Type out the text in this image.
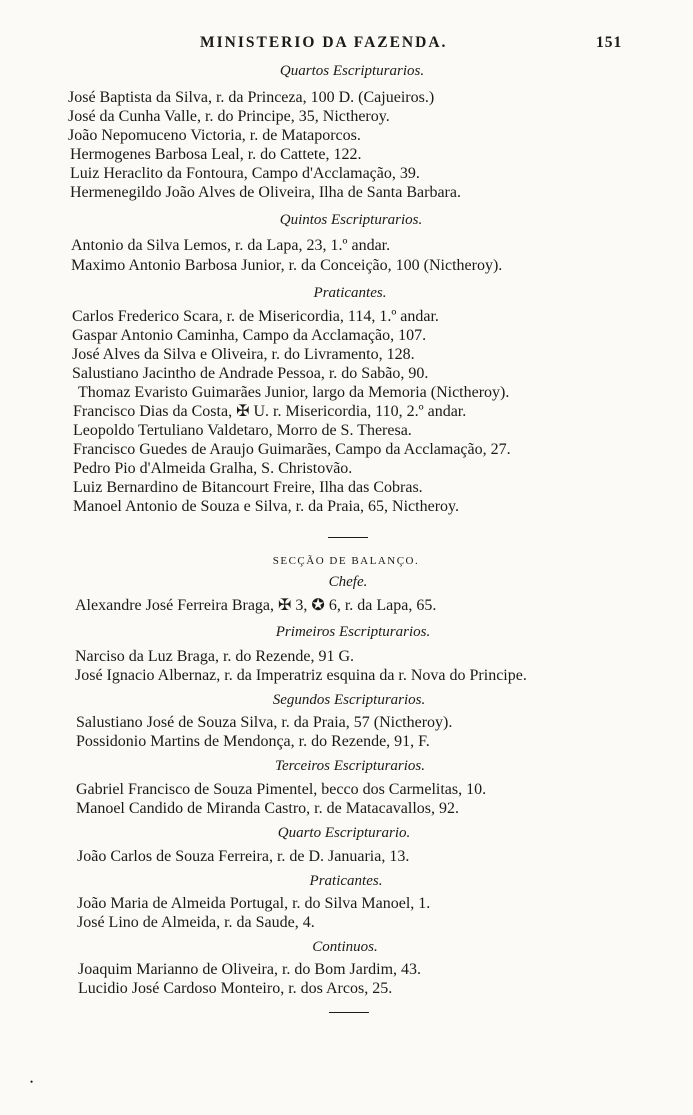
MINISTERIO DA FAZENDA.	151
Quartos Escripturarios.
José Baptista da Silva, r. da Princeza, 100 D. (Cajueiros.)
José da Cunha Valle, r. do Principe, 35, Nictheroy.
João Nepomuceno Victoria, r. de Mataporcos.
Hermogenes Barbosa Leal, r. do Cattete, 122.
Luiz Heraclito da Fontoura, Campo d'Acclamação, 39.
Hermenegildo João Alves de Oliveira, Ilha de Santa Barbara.
Quintos Escripturarios.
Antonio da Silva Lemos, r. da Lapa, 23, 1.º andar.
Maximo Antonio Barbosa Junior, r. da Conceição, 100 (Nictheroy).
Praticantes.
Carlos Frederico Scara, r. de Misericordia, 114, 1.º andar.
Gaspar Antonio Caminha, Campo da Acclamação, 107.
José Alves da Silva e Oliveira, r. do Livramento, 128.
Salustiano Jacintho de Andrade Pessoa, r. do Sabão, 90.
Thomaz Evaristo Guimarães Junior, largo da Memoria (Nictheroy).
Francisco Dias da Costa, ✠ U. r. Misericordia, 110, 2.º andar.
Leopoldo Tertuliano Valdetaro, Morro de S. Theresa.
Francisco Guedes de Araujo Guimarães, Campo da Acclamação, 27.
Pedro Pio d'Almeida Gralha, S. Christovão.
Luiz Bernardino de Bitancourt Freire, Ilha das Cobras.
Manoel Antonio de Souza e Silva, r. da Praia, 65, Nictheroy.
SECÇÃO DE BALANÇO.
Chefe.
Alexandre José Ferreira Braga, ✠ 3, ✪ 6, r. da Lapa, 65.
Primeiros Escripturarios.
Narciso da Luz Braga, r. do Rezende, 91 G.
José Ignacio Albernaz, r. da Imperatriz esquina da r. Nova do Principe.
Segundos Escripturarios.
Salustiano José de Souza Silva, r. da Praia, 57 (Nictheroy).
Possidonio Martins de Mendonça, r. do Rezende, 91, F.
Terceiros Escripturarios.
Gabriel Francisco de Souza Pimentel, becco dos Carmelitas, 10.
Manoel Candido de Miranda Castro, r. de Matacavallos, 92.
Quarto Escripturario.
João Carlos de Souza Ferreira, r. de D. Januaria, 13.
Praticantes.
João Maria de Almeida Portugal, r. do Silva Manoel, 1.
José Lino de Almeida, r. da Saude, 4.
Continuos.
Joaquim Marianno de Oliveira, r. do Bom Jardim, 43.
Lucidio José Cardoso Monteiro, r. dos Arcos, 25.
•
